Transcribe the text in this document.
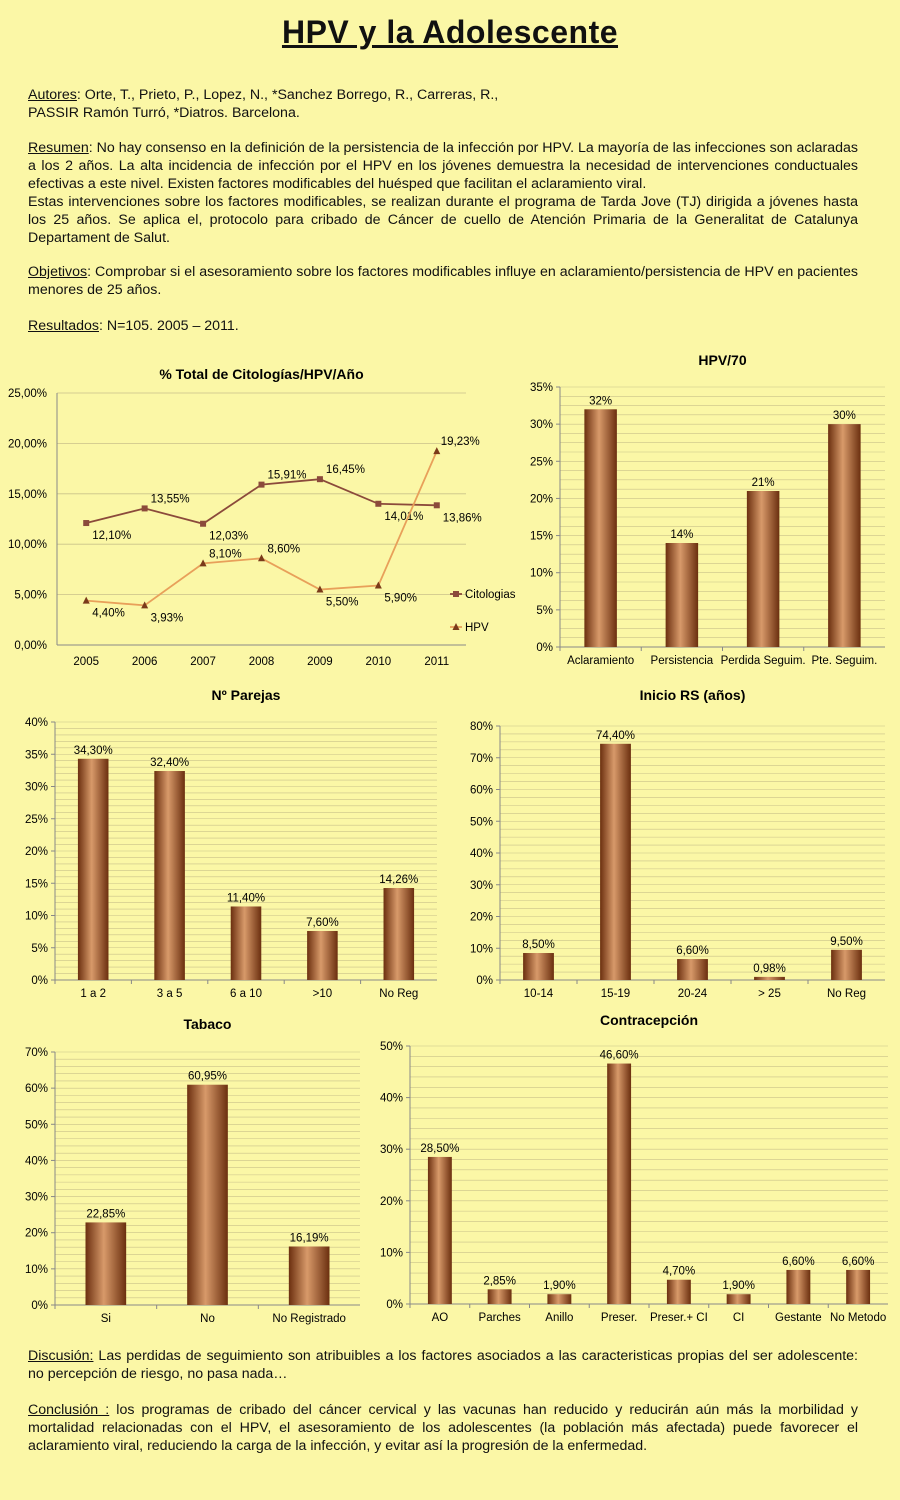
HPV y la Adolescente
Autores: Orte, T., Prieto, P., Lopez, N., *Sanchez Borrego, R., Carreras, R.,
PASSIR Ramón Turró, *Diatros. Barcelona.
Resumen: No hay consenso en la definición de la persistencia de la infección por HPV. La mayoría de las infecciones son aclaradas a los 2 años. La alta incidencia de infección por el HPV en los jóvenes demuestra la necesidad de intervenciones conductuales efectivas a este nivel. Existen factores modificables del huésped que facilitan el aclaramiento viral.
Estas intervenciones sobre los factores modificables, se realizan durante el programa de Tarda Jove (TJ) dirigida a jóvenes hasta los 25 años. Se aplica el, protocolo para cribado de Cáncer de cuello de Atención Primaria de la Generalitat de Catalunya Departament de Salut.
Objetivos: Comprobar si el asesoramiento sobre los factores modificables influye en aclaramiento/persistencia de HPV en pacientes menores de 25 años.
Resultados: N=105. 2005 – 2011.
% Total de Citologías/HPV/Año
0,00%
5,00%
10,00%
15,00%
20,00%
25,00%
2005	2006	2007	2008	2009	2010	2011
12,10%
13,55%
12,03%
15,91% 16,45%
14,01% 13,86%
4,40% 3,93%
8,10% 8,60%
5,50% 5,90%
19,23%
Citologias
HPV
HPV/70
0%
5%
10%
15%
20%
25%
30%
35%
32%
Aclaramiento
14%
Persistencia
21%
Perdida Seguim.
30%
Pte. Seguim.
Nº Parejas
0%
5%
10%
15%
20%
25%
30%
35%
40%
34,30%
1 a 2
32,40%
3 a 5
11,40%
6 a 10
7,60%
>10
14,26%
No Reg
Inicio RS (años)
0%
10%
20%
30%
40%
50%
60%
70%
80%
8,50%
10-14
74,40%
15-19
6,60%
20-24
0,98%
> 25
9,50%
No Reg
Tabaco
0%
10%
20%
30%
40%
50%
60%
70%
22,85%
Si
60,95%
No
16,19%
No Registrado
Contracepción
0%
10%
20%
30%
40%
50%
28,50%
AO
2,85%
Parches
1,90%
Anillo
46,60%
Preser.
4,70%
Preser.+ CI
1,90%
CI
6,60%
Gestante
6,60%
No Metodo
Discusión: Las perdidas de seguimiento son atribuibles a los factores asociados a las caracteristicas propias del ser adolescente: no percepción de riesgo, no pasa nada…
Conclusión : los programas de cribado del cáncer cervical y las vacunas han reducido y reducirán aún más la morbilidad y mortalidad relacionadas con el HPV, el asesoramiento de los adolescentes (la población más afectada) puede favorecer el aclaramiento viral, reduciendo la carga de la infección, y evitar así la progresión de la enfermedad.
